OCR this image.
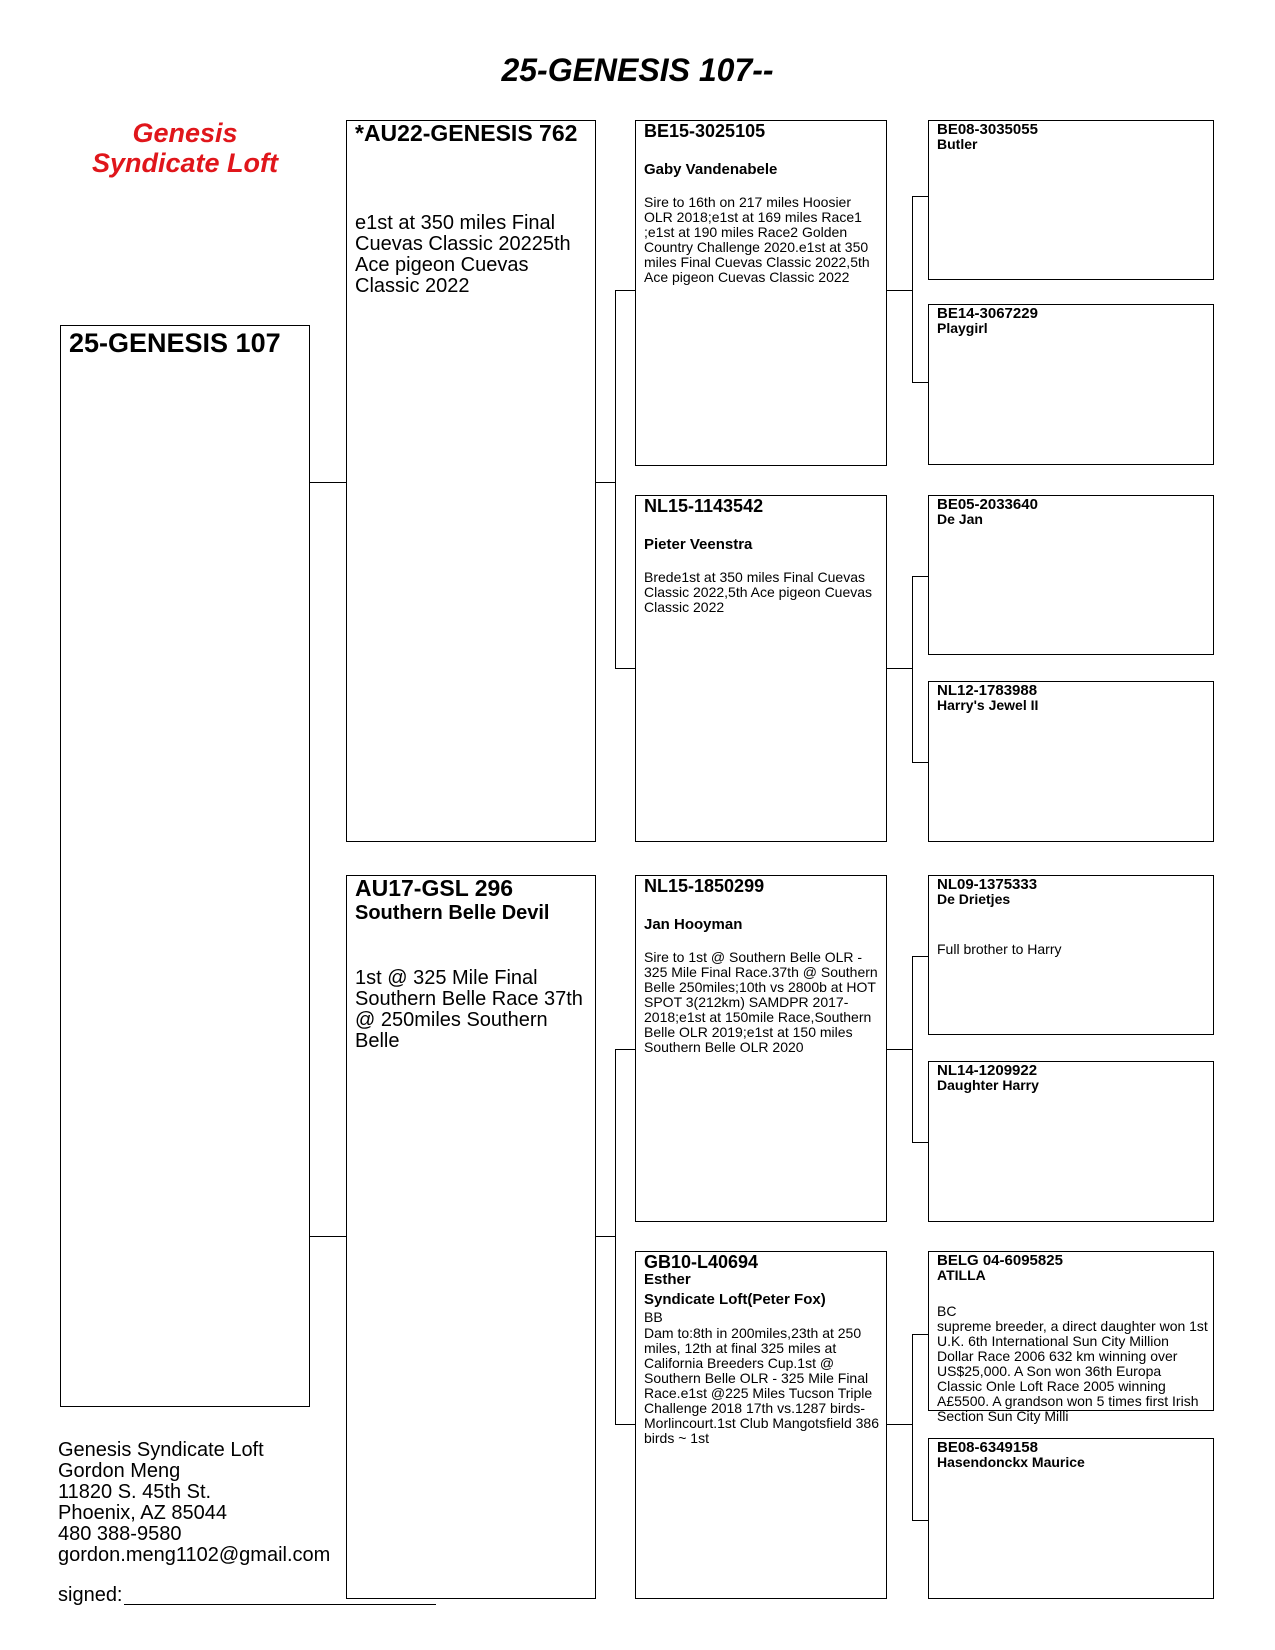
25-GENESIS 107--
Genesis
Syndicate Loft
25-GENESIS 107
*AU22-GENESIS 762
e1st at 350 miles Final Cuevas Classic 20225th Ace pigeon Cuevas Classic 2022
AU17-GSL 296
Southern Belle Devil
1st @ 325 Mile Final Southern Belle Race 37th @ 250miles Southern Belle
BE15-3025105
Gaby Vandenabele
Sire to 16th on 217 miles Hoosier OLR 2018;e1st at 169 miles Race1 ;e1st at 190 miles Race2 Golden Country Challenge 2020.e1st at 350 miles Final Cuevas Classic 2022,5th Ace pigeon Cuevas Classic 2022
NL15-1143542
Pieter Veenstra
Brede1st at 350 miles Final Cuevas Classic 2022,5th Ace pigeon Cuevas Classic 2022
NL15-1850299
Jan Hooyman
Sire to 1st @ Southern Belle OLR - 325 Mile Final Race.37th @ Southern Belle 250miles;10th vs 2800b at HOT SPOT 3(212km) SAMDPR 2017-2018;e1st at 150mile Race,Southern Belle OLR 2019;e1st at 150 miles Southern Belle OLR 2020
GB10-L40694
Esther
Syndicate Loft(Peter Fox)
BB
Dam to:8th in 200miles,23th at 250 miles, 12th at final 325 miles at California Breeders Cup.1st @ Southern Belle OLR - 325 Mile Final Race.e1st @225 Miles Tucson Triple Challenge 2018 17th vs.1287 birds- Morlincourt.1st Club Mangotsfield 386 birds ~ 1st
BE08-3035055
Butler
BE14-3067229
Playgirl
BE05-2033640
De Jan
NL12-1783988
Harry's Jewel II
NL09-1375333
De Drietjes
Full brother to Harry
NL14-1209922
Daughter Harry
BELG 04-6095825
ATILLA
BC
supreme breeder, a direct daughter won 1st U.K. 6th International Sun City Million Dollar Race 2006 632 km winning over US$25,000. A Son won 36th Europa Classic Onle Loft Race 2005 winning A£5500. A grandson won 5 times first Irish Section Sun City Milli
BE08-6349158
Hasendonckx Maurice
Genesis Syndicate Loft
Gordon Meng
11820 S. 45th St.
Phoenix, AZ 85044
480 388-9580
gordon.meng1102@gmail.com
signed:
